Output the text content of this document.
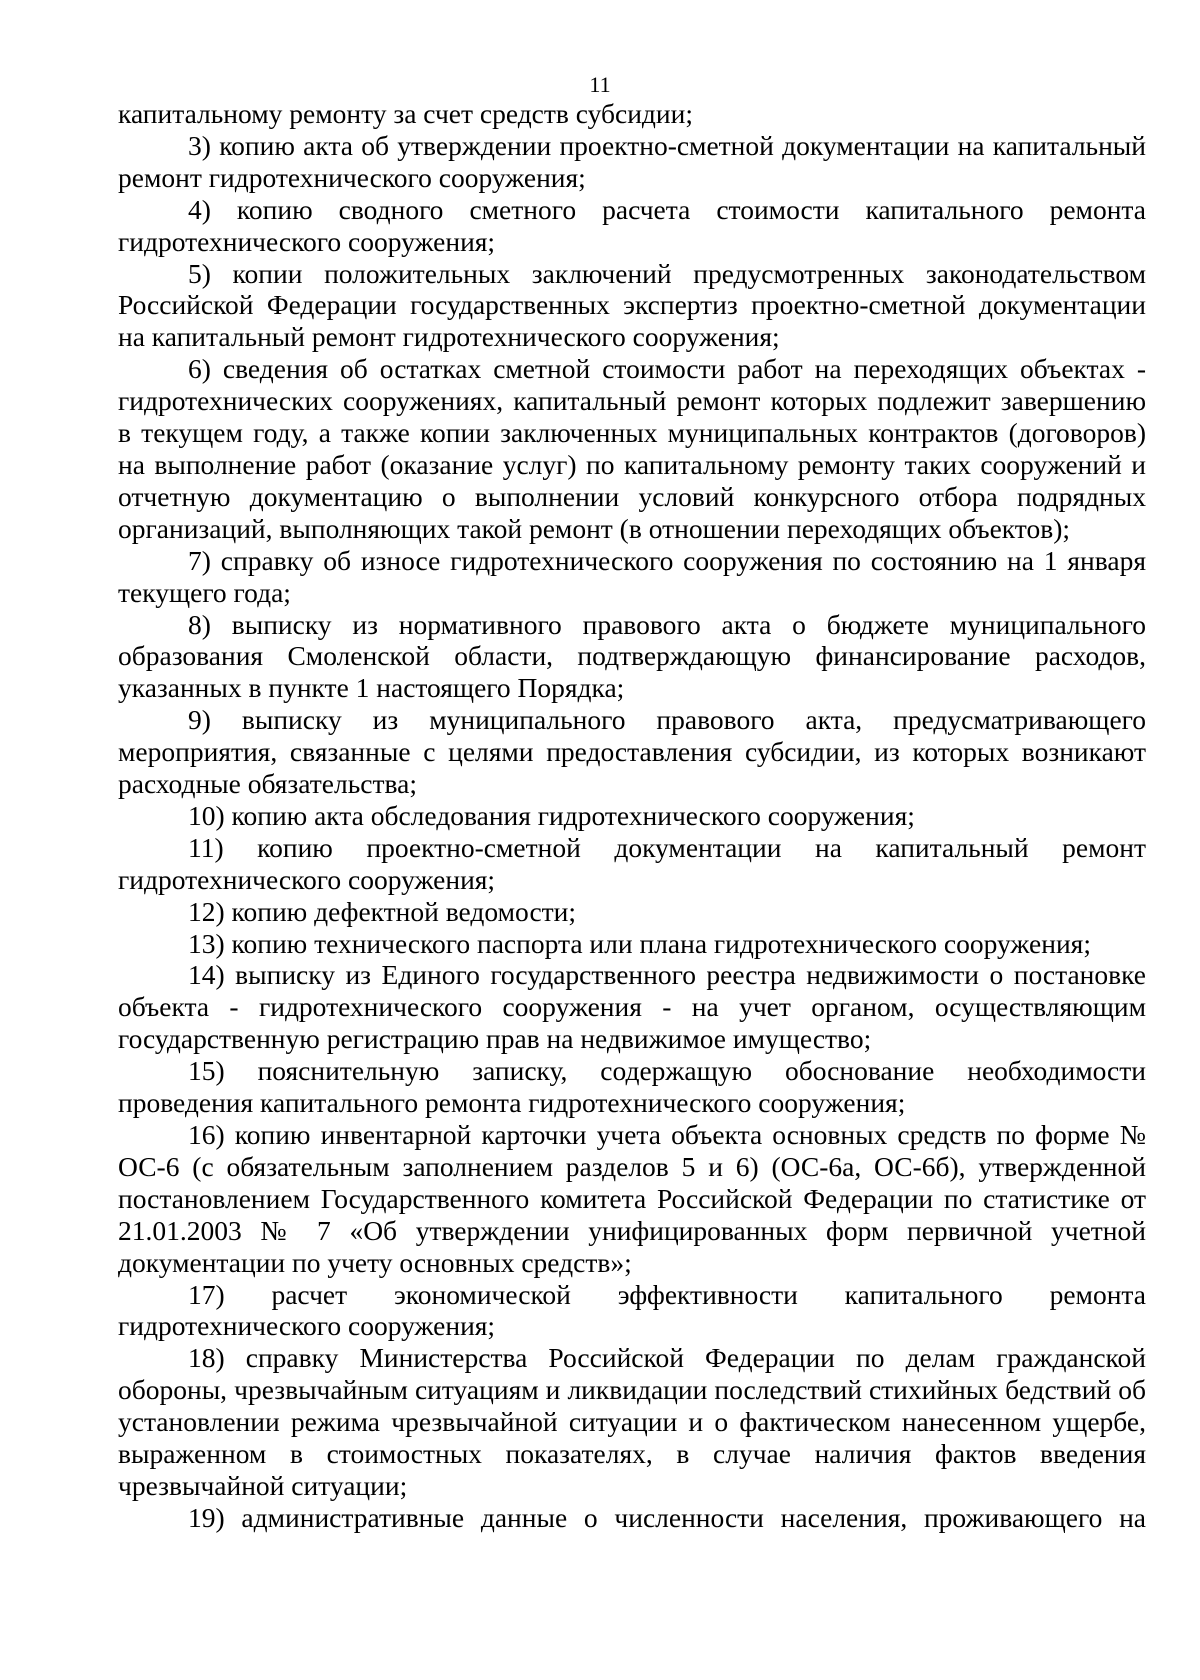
11

капитальному ремонту за счет средств субсидии;

3) копию акта об утверждении проектно-сметной документации на капитальный ремонт гидротехнического сооружения;

4) копию сводного сметного расчета стоимости капитального ремонта гидротехнического сооружения;

5) копии положительных заключений предусмотренных законодательством Российской Федерации государственных экспертиз проектно-сметной документации на капитальный ремонт гидротехнического сооружения;

6) сведения об остатках сметной стоимости работ на переходящих объектах - гидротехнических сооружениях, капитальный ремонт которых подлежит завершению в текущем году, а также копии заключенных муниципальных контрактов (договоров) на выполнение работ (оказание услуг) по капитальному ремонту таких сооружений и отчетную документацию о выполнении условий конкурсного отбора подрядных организаций, выполняющих такой ремонт (в отношении переходящих объектов);

7) справку об износе гидротехнического сооружения по состоянию на 1 января текущего года;

8) выписку из нормативного правового акта о бюджете муниципального образования Смоленской области, подтверждающую финансирование расходов, указанных в пункте 1 настоящего Порядка;

9) выписку из муниципального правового акта, предусматривающего мероприятия, связанные с целями предоставления субсидии, из которых возникают расходные обязательства;

10) копию акта обследования гидротехнического сооружения;

11) копию проектно-сметной документации на капитальный ремонт гидротехнического сооружения;

12) копию дефектной ведомости;

13) копию технического паспорта или плана гидротехнического сооружения;

14) выписку из Единого государственного реестра недвижимости о постановке объекта - гидротехнического сооружения - на учет органом, осуществляющим государственную регистрацию прав на недвижимое имущество;

15) пояснительную записку, содержащую обоснование необходимости проведения капитального ремонта гидротехнического сооружения;

16) копию инвентарной карточки учета объекта основных средств по форме № ОС-6 (с обязательным заполнением разделов 5 и 6) (ОС-6а, ОС-6б), утвержденной постановлением Государственного комитета Российской Федерации по статистике от 21.01.2003 № 7 «Об утверждении унифицированных форм первичной учетной документации по учету основных средств»;

17) расчет экономической эффективности капитального ремонта гидротехнического сооружения;

18) справку Министерства Российской Федерации по делам гражданской обороны, чрезвычайным ситуациям и ликвидации последствий стихийных бедствий об установлении режима чрезвычайной ситуации и о фактическом нанесенном ущербе, выраженном в стоимостных показателях, в случае наличия фактов введения чрезвычайной ситуации;

19) административные данные о численности населения, проживающего на
